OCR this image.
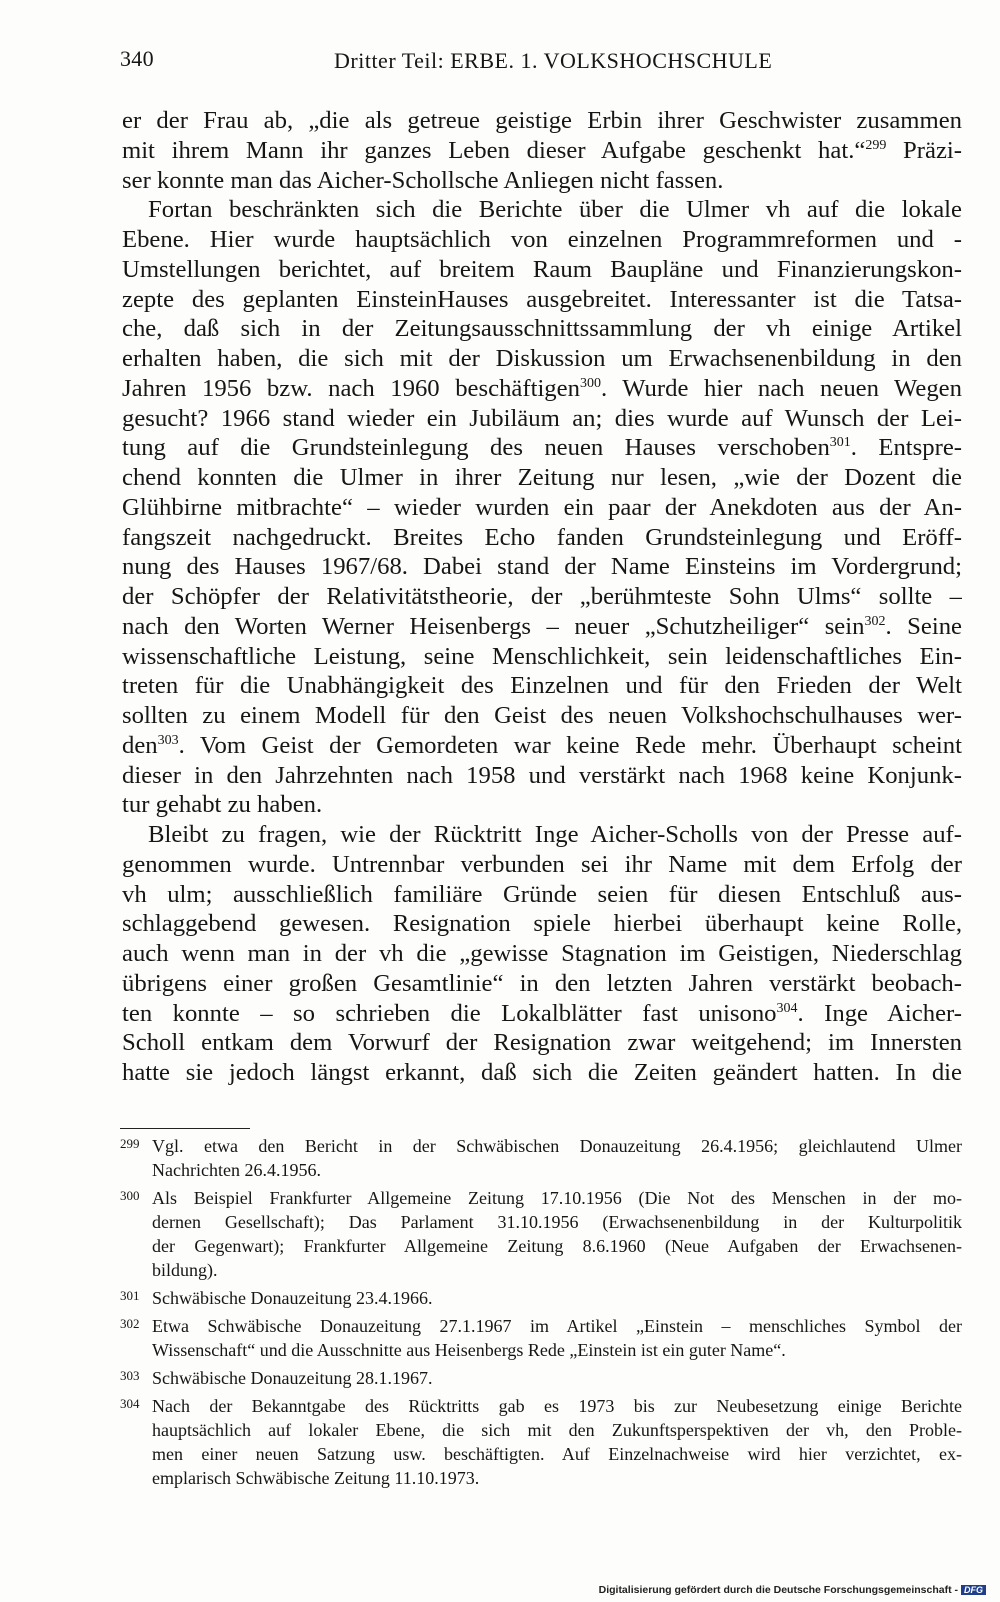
340	Dritter Teil: ERBE. 1. VOLKSHOCHSCHULE
er der Frau ab, „die als getreue geistige Erbin ihrer Geschwister zusammen
mit ihrem Mann ihr ganzes Leben dieser Aufgabe geschenkt hat.“$^{299}$ Präzi-
ser konnte man das Aicher-Schollsche Anliegen nicht fassen.
Fortan beschränkten sich die Berichte über die Ulmer vh auf die lokale
Ebene. Hier wurde hauptsächlich von einzelnen Programmreformen und -
Umstellungen berichtet, auf breitem Raum Baupläne und Finanzierungskon-
zepte des geplanten EinsteinHauses ausgebreitet. Interessanter ist die Tatsa-
che, daß sich in der Zeitungsausschnittssammlung der vh einige Artikel
erhalten haben, die sich mit der Diskussion um Erwachsenenbildung in den
Jahren 1956 bzw. nach 1960 beschäftigen$^{300}$. Wurde hier nach neuen Wegen
gesucht? 1966 stand wieder ein Jubiläum an; dies wurde auf Wunsch der Lei-
tung auf die Grundsteinlegung des neuen Hauses verschoben$^{301}$. Entspre-
chend konnten die Ulmer in ihrer Zeitung nur lesen, „wie der Dozent die
Glühbirne mitbrachte“ – wieder wurden ein paar der Anekdoten aus der An-
fangszeit nachgedruckt. Breites Echo fanden Grundsteinlegung und Eröff-
nung des Hauses 1967/68. Dabei stand der Name Einsteins im Vordergrund;
der Schöpfer der Relativitätstheorie, der „berühmteste Sohn Ulms“ sollte –
nach den Worten Werner Heisenbergs – neuer „Schutzheiliger“ sein$^{302}$. Seine
wissenschaftliche Leistung, seine Menschlichkeit, sein leidenschaftliches Ein-
treten für die Unabhängigkeit des Einzelnen und für den Frieden der Welt
sollten zu einem Modell für den Geist des neuen Volkshochschulhauses wer-
den$^{303}$. Vom Geist der Gemordeten war keine Rede mehr. Überhaupt scheint
dieser in den Jahrzehnten nach 1958 und verstärkt nach 1968 keine Konjunk-
tur gehabt zu haben.
Bleibt zu fragen, wie der Rücktritt Inge Aicher-Scholls von der Presse auf-
genommen wurde. Untrennbar verbunden sei ihr Name mit dem Erfolg der
vh ulm; ausschließlich familiäre Gründe seien für diesen Entschluß aus-
schlaggebend gewesen. Resignation spiele hierbei überhaupt keine Rolle,
auch wenn man in der vh die „gewisse Stagnation im Geistigen, Niederschlag
übrigens einer großen Gesamtlinie“ in den letzten Jahren verstärkt beobach-
ten konnte – so schrieben die Lokalblätter fast unisono$^{304}$. Inge Aicher-
Scholl entkam dem Vorwurf der Resignation zwar weitgehend; im Innersten
hatte sie jedoch längst erkannt, daß sich die Zeiten geändert hatten. In die
299 Vgl. etwa den Bericht in der Schwäbischen Donauzeitung 26.4.1956; gleichlautend Ulmer
Nachrichten 26.4.1956.
300 Als Beispiel Frankfurter Allgemeine Zeitung 17.10.1956 (Die Not des Menschen in der mo-
dernen Gesellschaft); Das Parlament 31.10.1956 (Erwachsenenbildung in der Kulturpolitik
der Gegenwart); Frankfurter Allgemeine Zeitung 8.6.1960 (Neue Aufgaben der Erwachsenen-
bildung).
301 Schwäbische Donauzeitung 23.4.1966.
302 Etwa Schwäbische Donauzeitung 27.1.1967 im Artikel „Einstein – menschliches Symbol der
Wissenschaft“ und die Ausschnitte aus Heisenbergs Rede „Einstein ist ein guter Name“.
303 Schwäbische Donauzeitung 28.1.1967.
304 Nach der Bekanntgabe des Rücktritts gab es 1973 bis zur Neubesetzung einige Berichte
hauptsächlich auf lokaler Ebene, die sich mit den Zukunftsperspektiven der vh, den Proble-
men einer neuen Satzung usw. beschäftigten. Auf Einzelnachweise wird hier verzichtet, ex-
emplarisch Schwäbische Zeitung 11.10.1973.
Digitalisierung gefördert durch die Deutsche Forschungsgemeinschaft - DFG
